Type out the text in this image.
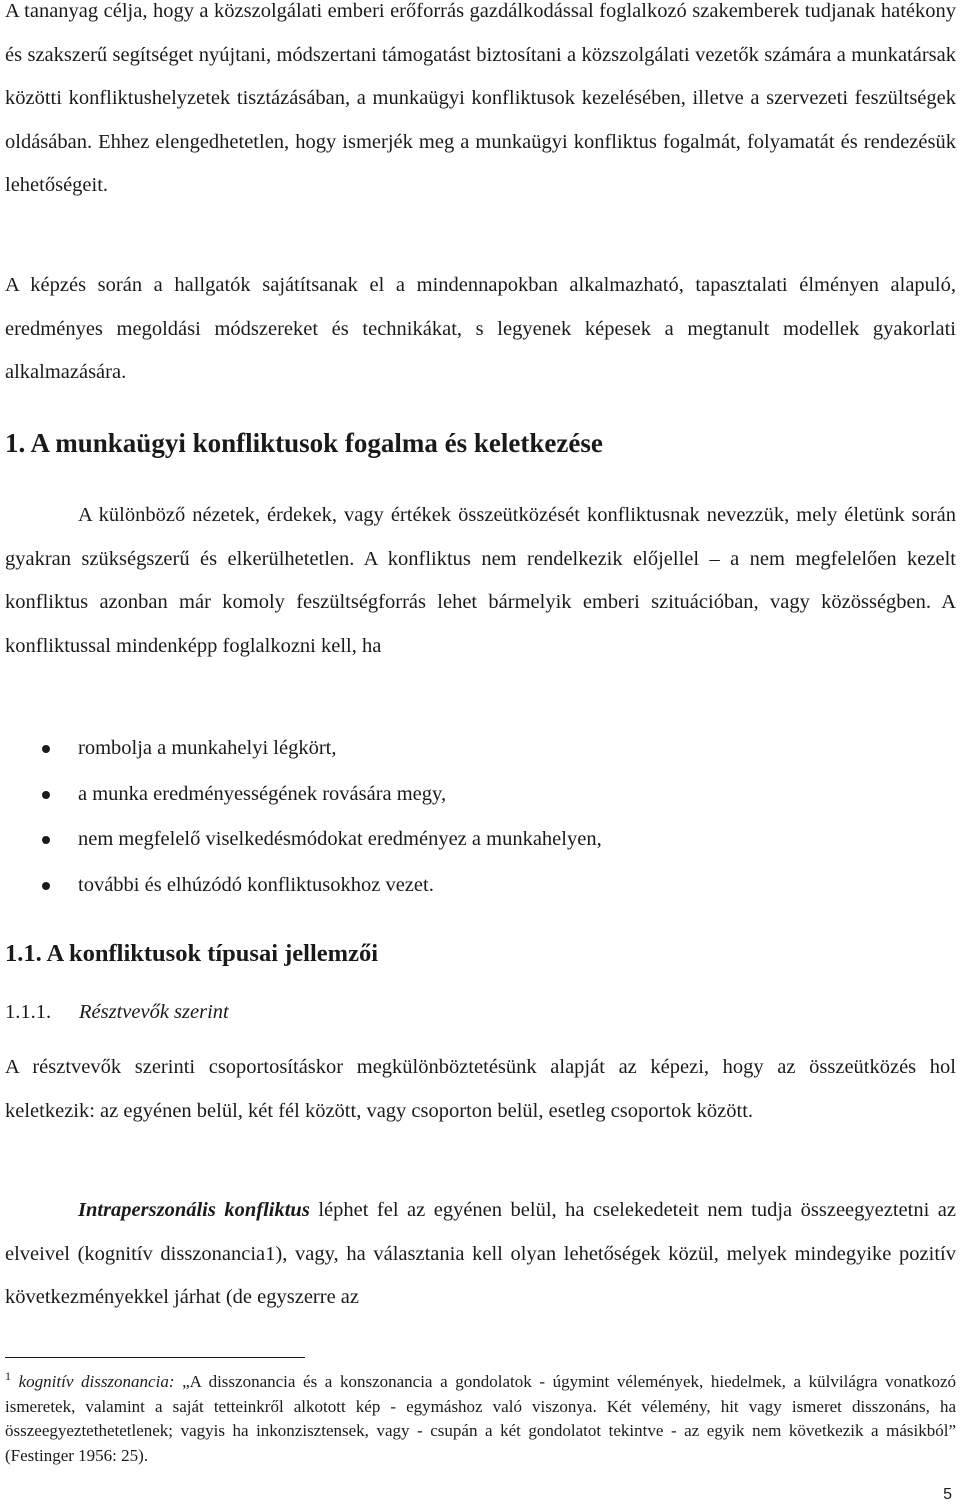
A tananyag célja, hogy a közszolgálati emberi erőforrás gazdálkodással foglalkozó szakemberek tudjanak hatékony és szakszerű segítséget nyújtani, módszertani támogatást biztosítani a közszolgálati vezetők számára a munkatársak közötti konfliktushelyzetek tisztázásában, a munkaügyi konfliktusok kezelésében, illetve a szervezeti feszültségek oldásában. Ehhez elengedhetetlen, hogy ismerjék meg a munkaügyi konfliktus fogalmát, folyamatát és rendezésük lehetőségeit.

A képzés során a hallgatók sajátítsanak el a mindennapokban alkalmazható, tapasztalati élményen alapuló, eredményes megoldási módszereket és technikákat, s legyenek képesek a megtanult modellek gyakorlati alkalmazására.

1. A munkaügyi konfliktusok fogalma és keletkezése

A különböző nézetek, érdekek, vagy értékek összeütközését konfliktusnak nevezzük, mely életünk során gyakran szükségszerű és elkerülhetetlen. A konfliktus nem rendelkezik előjellel – a nem megfelelően kezelt konfliktus azonban már komoly feszültségforrás lehet bármelyik emberi szituációban, vagy közösségben. A konfliktussal mindenképp foglalkozni kell, ha

rombolja a munkahelyi légkört,
a munka eredményességének rovására megy,
nem megfelelő viselkedésmódokat eredményez a munkahelyen,
további és elhúzódó konfliktusokhoz vezet.
1.1. A konfliktusok típusai jellemzői
1.1.1. Résztvevők szerint

A résztvevők szerinti csoportosításkor megkülönböztetésünk alapját az képezi, hogy az összeütközés hol keletkezik: az egyénen belül, két fél között, vagy csoporton belül, esetleg csoportok között.

Intraperszonális konfliktus léphet fel az egyénen belül, ha cselekedeteit nem tudja összeegyeztetni az elveivel (kognitív disszonancia1), vagy, ha választania kell olyan lehetőségek közül, melyek mindegyike pozitív következményekkel járhat (de egyszerre az

$^1$ kognitív disszonancia: „A disszonancia és a konszonancia a gondolatok - úgymint vélemények, hiedelmek, a külvilágra vonatkozó ismeretek, valamint a saját tetteinkről alkotott kép - egymáshoz való viszonya. Két vélemény, hit vagy ismeret disszonáns, ha összeegyeztethetetlenek; vagyis ha inkonzisztensek, vagy - csupán a két gondolatot tekintve - az egyik nem következik a másikból” (Festinger 1956: 25).

5
